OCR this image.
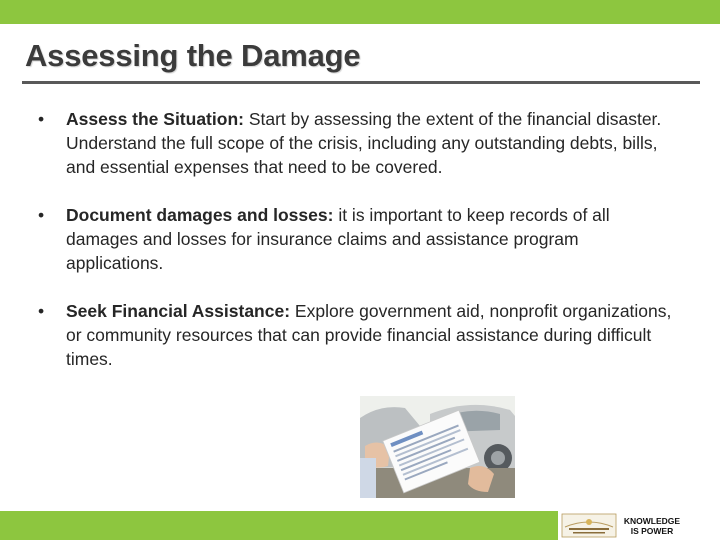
Assessing the Damage
• Assess the Situation: Start by assessing the extent of the financial disaster. Understand the full scope of the crisis, including any outstanding debts, bills, and essential expenses that need to be covered.
• Document damages and losses: it is important to keep records of all damages and losses for insurance claims and assistance program applications.
• Seek Financial Assistance: Explore government aid, nonprofit organizations, or community resources that can provide financial assistance during difficult times.
KNOWLEDGE
IS POWER
